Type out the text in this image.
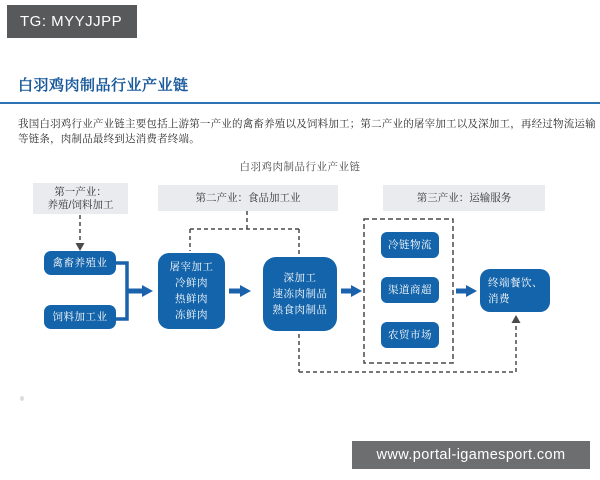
TG: MYYJJPP
白羽鸡肉制品行业产业链
我国白羽鸡行业产业链主要包括上游第一产业的禽畜养殖以及饲料加工；第二产业的屠宰加工以及深加工，再经过物流运输等链条，肉制品最终到达消费者终端。
白羽鸡肉制品行业产业链
第一产业：
养殖/饲料加工
第二产业：食品加工业	第三产业：运输服务
禽畜养殖业
饲料加工业
屠宰加工
冷鲜肉
热鲜肉
冻鲜肉
深加工
速冻肉制品
熟食肉制品
冷链物流
渠道商超
农贸市场
终端餐饮、
消费
www.portal-igamesport.com
